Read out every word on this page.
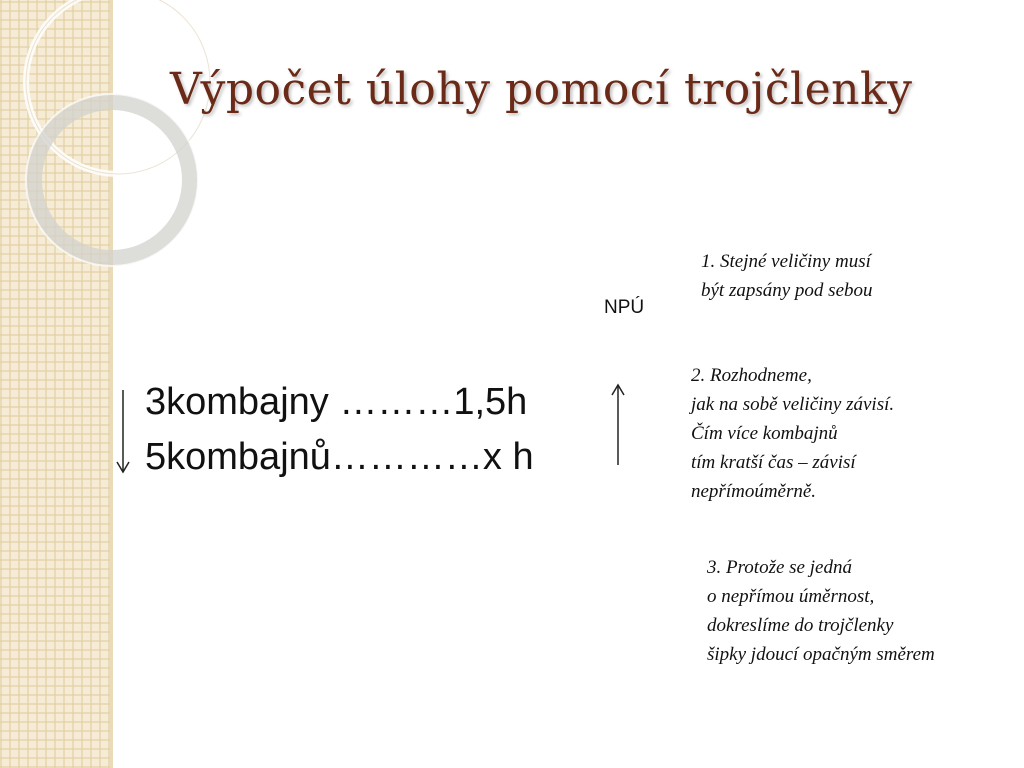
Výpočet úlohy pomocí trojčlenky
3kombajny ………1,5h
5kombajnů…………x h
NPÚ
1. Stejné veličiny musí
být zapsány pod sebou
2. Rozhodneme,
jak na sobě veličiny závisí.
Čím více kombajnů
tím kratší čas – závisí
nepřímoúměrně.
3. Protože se jedná
o nepřímou úměrnost,
dokreslíme do trojčlenky
šipky jdoucí opačným směrem
